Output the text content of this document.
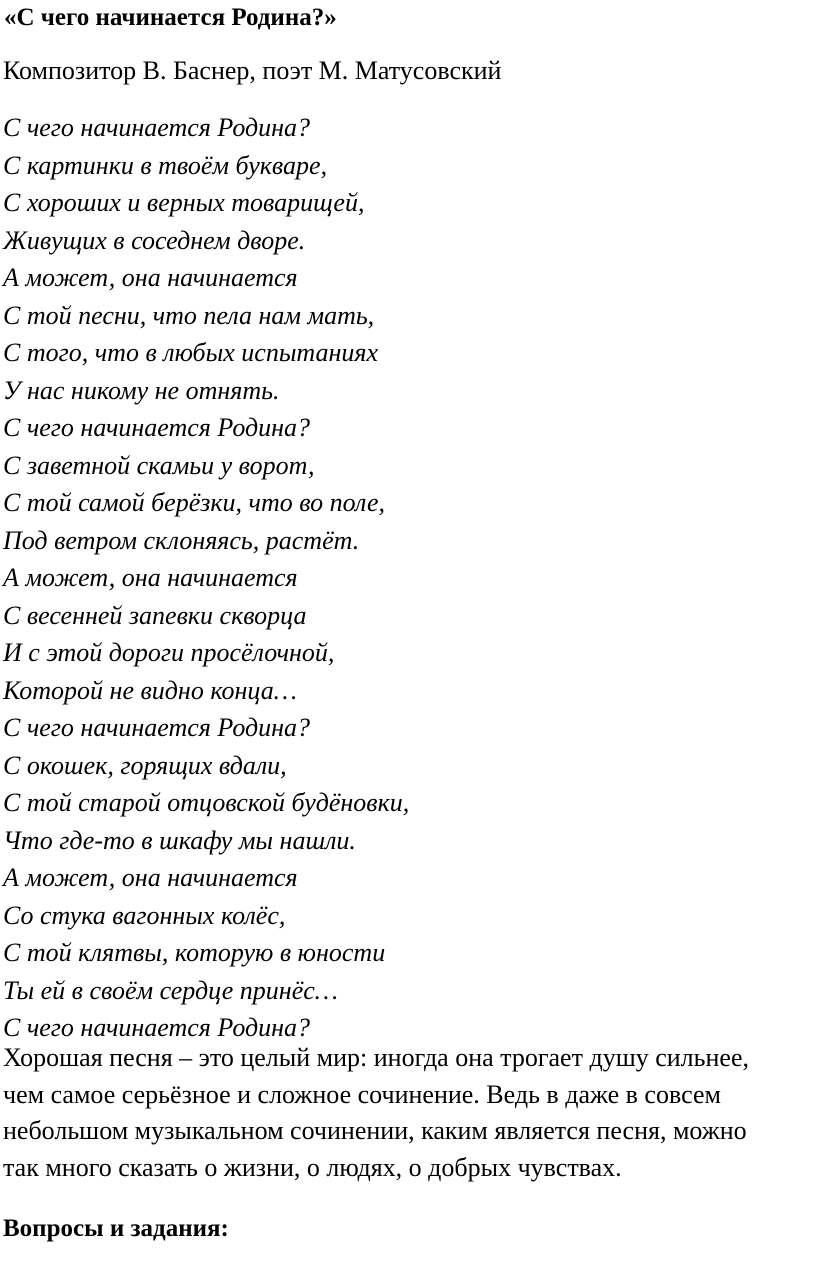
«С чего начинается Родина?»
Композитор В. Баснер, поэт М. Матусовский
С чего начинается Родина?
С картинки в твоём букваре,
С хороших и верных товарищей,
Живущих в соседнем дворе.
А может, она начинается
С той песни, что пела нам мать,
С того, что в любых испытаниях
У нас никому не отнять.
С чего начинается Родина?
С заветной скамьи у ворот,
С той самой берёзки, что во поле,
Под ветром склоняясь, растёт.
А может, она начинается
С весенней запевки скворца
И с этой дороги просёлочной,
Которой не видно конца…
С чего начинается Родина?
С окошек, горящих вдали,
С той старой отцовской будёновки,
Что где-то в шкафу мы нашли.
А может, она начинается
Со стука вагонных колёс,
С той клятвы, которую в юности
Ты ей в своём сердце принёс…
С чего начинается Родина?

Хорошая песня – это целый мир: иногда она трогает душу сильнее,
чем самое серьёзное и сложное сочинение. Ведь в даже в совсем
небольшом музыкальном сочинении, каким является песня, можно
так много сказать о жизни, о людях, о добрых чувствах.

Вопросы и задания:
